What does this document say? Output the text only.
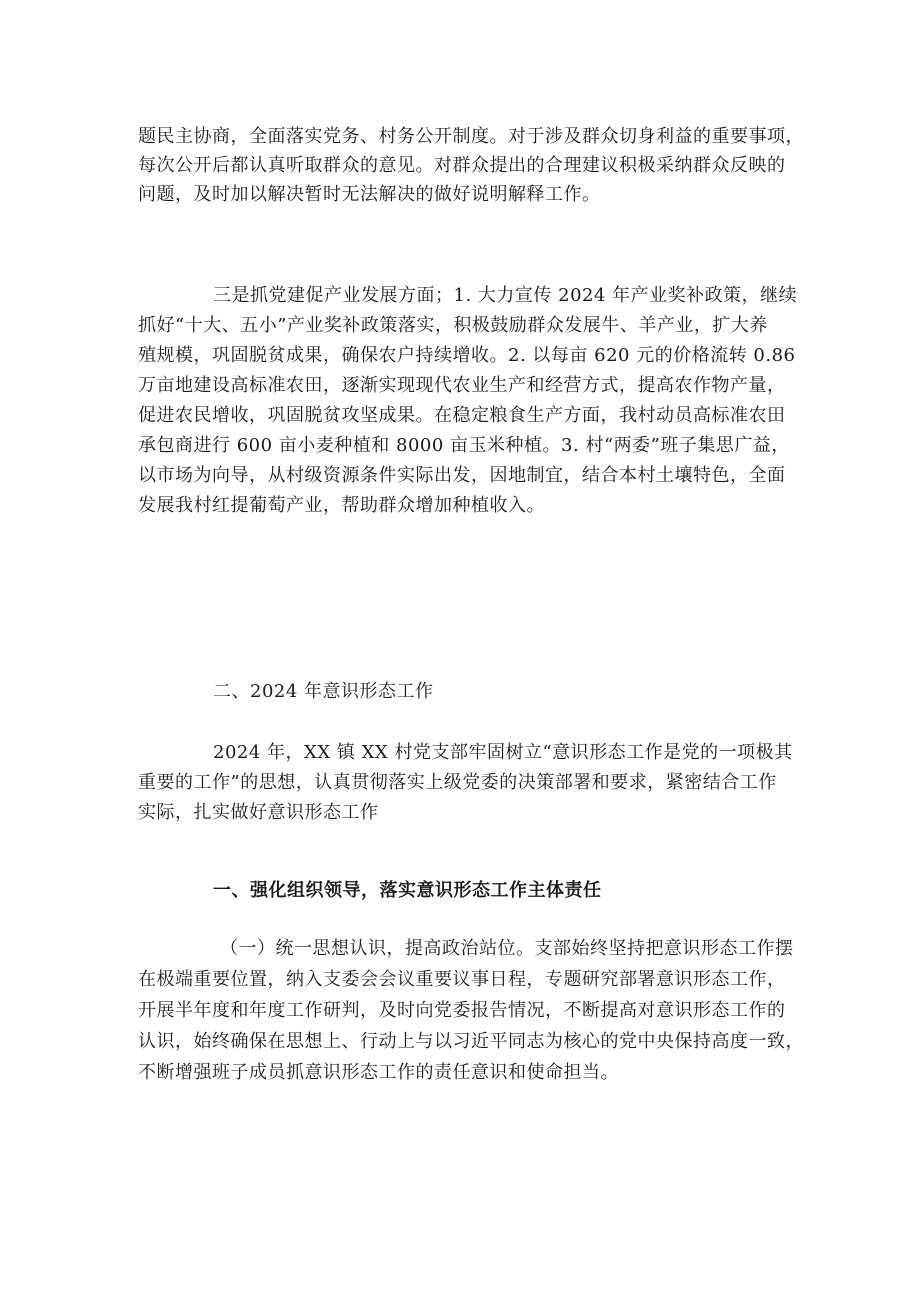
题民主协商，全面落实党务、村务公开制度。对于涉及群众切身利益的重要事项，
每次公开后都认真听取群众的意见。对群众提出的合理建议积极采纳群众反映的
问题，及时加以解决暂时无法解决的做好说明解释工作。

三是抓党建促产业发展方面；1. 大力宣传 2024 年产业奖补政策，继续
抓好“十大、五小”产业奖补政策落实，积极鼓励群众发展牛、羊产业，扩大养
殖规模，巩固脱贫成果，确保农户持续增收。2. 以每亩 620 元的价格流转 0.86
万亩地建设高标准农田，逐渐实现现代农业生产和经营方式，提高农作物产量，
促进农民增收，巩固脱贫攻坚成果。在稳定粮食生产方面，我村动员高标准农田
承包商进行 600 亩小麦种植和 8000 亩玉米种植。3. 村“两委”班子集思广益，
以市场为向导，从村级资源条件实际出发，因地制宜，结合本村土壤特色，全面
发展我村红提葡萄产业，帮助群众增加种植收入。

二、2024 年意识形态工作

2024 年，XX 镇 XX 村党支部牢固树立“意识形态工作是党的一项极其
重要的工作”的思想，认真贯彻落实上级党委的决策部署和要求，紧密结合工作
实际，扎实做好意识形态工作

一、强化组织领导，落实意识形态工作主体责任

（一）统一思想认识，提高政治站位。支部始终坚持把意识形态工作摆
在极端重要位置，纳入支委会会议重要议事日程，专题研究部署意识形态工作，
开展半年度和年度工作研判，及时向党委报告情况，不断提高对意识形态工作的
认识，始终确保在思想上、行动上与以习近平同志为核心的党中央保持高度一致，
不断增强班子成员抓意识形态工作的责任意识和使命担当。
